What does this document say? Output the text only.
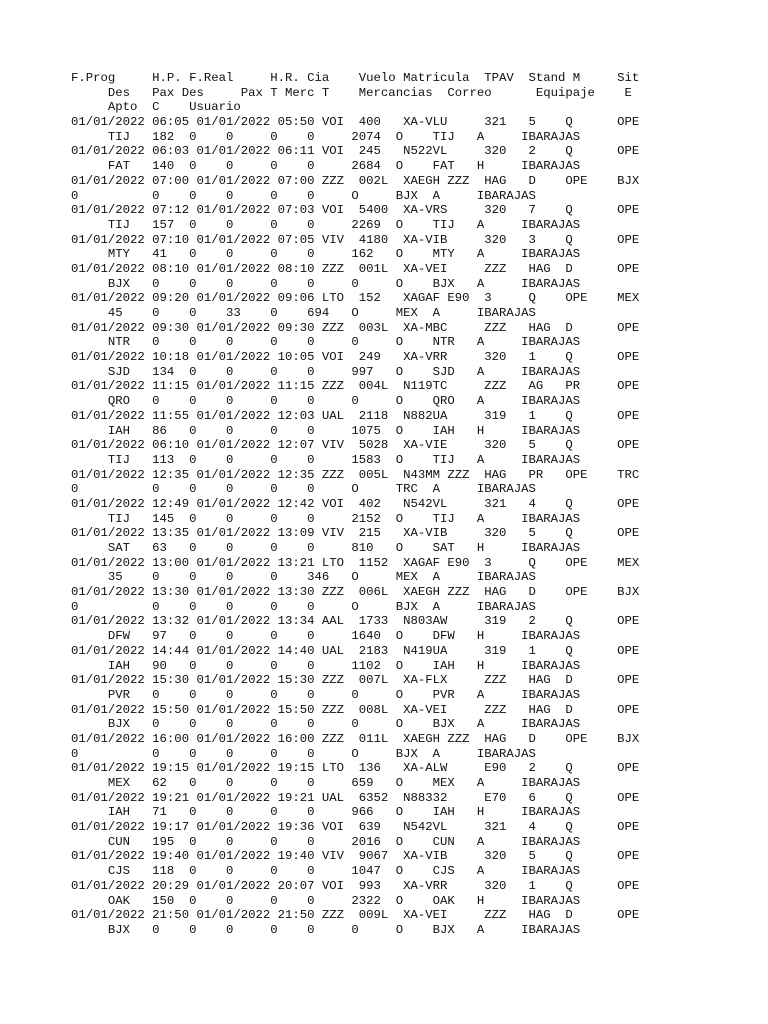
F.Prog     H.P. F.Real     H.R. Cia    Vuelo Matricula  TPAV  Stand M     Sit
Des   Pax Des     Pax T Merc T    Mercancias  Correo      Equipaje    E
Apto  C    Usuario
01/01/2022 06:05 01/01/2022 05:50 VOI  400   XA-VLU     321   5    Q      OPE
TIJ   182  0    0     0    0     2074  O    TIJ   A     IBARAJAS
01/01/2022 06:03 01/01/2022 06:11 VOI  245   N522VL     320   2    Q      OPE
FAT   140  0    0     0    0     2684  O    FAT   H     IBARAJAS
01/01/2022 07:00 01/01/2022 07:00 ZZZ  002L  XAEGH ZZZ  HAG   D    OPE    BJX
0          0    0    0     0    0     O     BJX  A     IBARAJAS
01/01/2022 07:12 01/01/2022 07:03 VOI  5400  XA-VRS     320   7    Q      OPE
TIJ   157  0    0     0    0     2269  O    TIJ   A     IBARAJAS
01/01/2022 07:10 01/01/2022 07:05 VIV  4180  XA-VIB     320   3    Q      OPE
MTY   41   0    0     0    0     162   O    MTY   A     IBARAJAS
01/01/2022 08:10 01/01/2022 08:10 ZZZ  001L  XA-VEI     ZZZ   HAG  D      OPE
BJX   0    0    0     0    0     0     O    BJX   A     IBARAJAS
01/01/2022 09:20 01/01/2022 09:06 LTO  152   XAGAF E90  3     Q    OPE    MEX
45    0    0    33    0    694   O     MEX  A     IBARAJAS
01/01/2022 09:30 01/01/2022 09:30 ZZZ  003L  XA-MBC     ZZZ   HAG  D      OPE
NTR   0    0    0     0    0     0     O    NTR   A     IBARAJAS
01/01/2022 10:18 01/01/2022 10:05 VOI  249   XA-VRR     320   1    Q      OPE
SJD   134  0    0     0    0     997   O    SJD   A     IBARAJAS
01/01/2022 11:15 01/01/2022 11:15 ZZZ  004L  N119TC     ZZZ   AG   PR     OPE
QRO   0    0    0     0    0     0     O    QRO   A     IBARAJAS
01/01/2022 11:55 01/01/2022 12:03 UAL  2118  N882UA     319   1    Q      OPE
IAH   86   0    0     0    0     1075  O    IAH   H     IBARAJAS
01/01/2022 06:10 01/01/2022 12:07 VIV  5028  XA-VIE     320   5    Q      OPE
TIJ   113  0    0     0    0     1583  O    TIJ   A     IBARAJAS
01/01/2022 12:35 01/01/2022 12:35 ZZZ  005L  N43MM ZZZ  HAG   PR   OPE    TRC
0          0    0    0     0    0     O     TRC  A     IBARAJAS
01/01/2022 12:49 01/01/2022 12:42 VOI  402   N542VL     321   4    Q      OPE
TIJ   145  0    0     0    0     2152  O    TIJ   A     IBARAJAS
01/01/2022 13:35 01/01/2022 13:09 VIV  215   XA-VIB     320   5    Q      OPE
SAT   63   0    0     0    0     810   O    SAT   H     IBARAJAS
01/01/2022 13:00 01/01/2022 13:21 LTO  1152  XAGAF E90  3     Q    OPE    MEX
35    0    0    0     0    346   O     MEX  A     IBARAJAS
01/01/2022 13:30 01/01/2022 13:30 ZZZ  006L  XAEGH ZZZ  HAG   D    OPE    BJX
0          0    0    0     0    0     O     BJX  A     IBARAJAS
01/01/2022 13:32 01/01/2022 13:34 AAL  1733  N803AW     319   2    Q      OPE
DFW   97   0    0     0    0     1640  O    DFW   H     IBARAJAS
01/01/2022 14:44 01/01/2022 14:40 UAL  2183  N419UA     319   1    Q      OPE
IAH   90   0    0     0    0     1102  O    IAH   H     IBARAJAS
01/01/2022 15:30 01/01/2022 15:30 ZZZ  007L  XA-FLX     ZZZ   HAG  D      OPE
PVR   0    0    0     0    0     0     O    PVR   A     IBARAJAS
01/01/2022 15:50 01/01/2022 15:50 ZZZ  008L  XA-VEI     ZZZ   HAG  D      OPE
BJX   0    0    0     0    0     0     O    BJX   A     IBARAJAS
01/01/2022 16:00 01/01/2022 16:00 ZZZ  011L  XAEGH ZZZ  HAG   D    OPE    BJX
0          0    0    0     0    0     O     BJX  A     IBARAJAS
01/01/2022 19:15 01/01/2022 19:15 LTO  136   XA-ALW     E90   2    Q      OPE
MEX   62   0    0     0    0     659   O    MEX   A     IBARAJAS
01/01/2022 19:21 01/01/2022 19:21 UAL  6352  N88332     E70   6    Q      OPE
IAH   71   0    0     0    0     966   O    IAH   H     IBARAJAS
01/01/2022 19:17 01/01/2022 19:36 VOI  639   N542VL     321   4    Q      OPE
CUN   195  0    0     0    0     2016  O    CUN   A     IBARAJAS
01/01/2022 19:40 01/01/2022 19:40 VIV  9067  XA-VIB     320   5    Q      OPE
CJS   118  0    0     0    0     1047  O    CJS   A     IBARAJAS
01/01/2022 20:29 01/01/2022 20:07 VOI  993   XA-VRR     320   1    Q      OPE
OAK   150  0    0     0    0     2322  O    OAK   H     IBARAJAS
01/01/2022 21:50 01/01/2022 21:50 ZZZ  009L  XA-VEI     ZZZ   HAG  D      OPE
BJX   0    0    0     0    0     0     O    BJX   A     IBARAJAS
